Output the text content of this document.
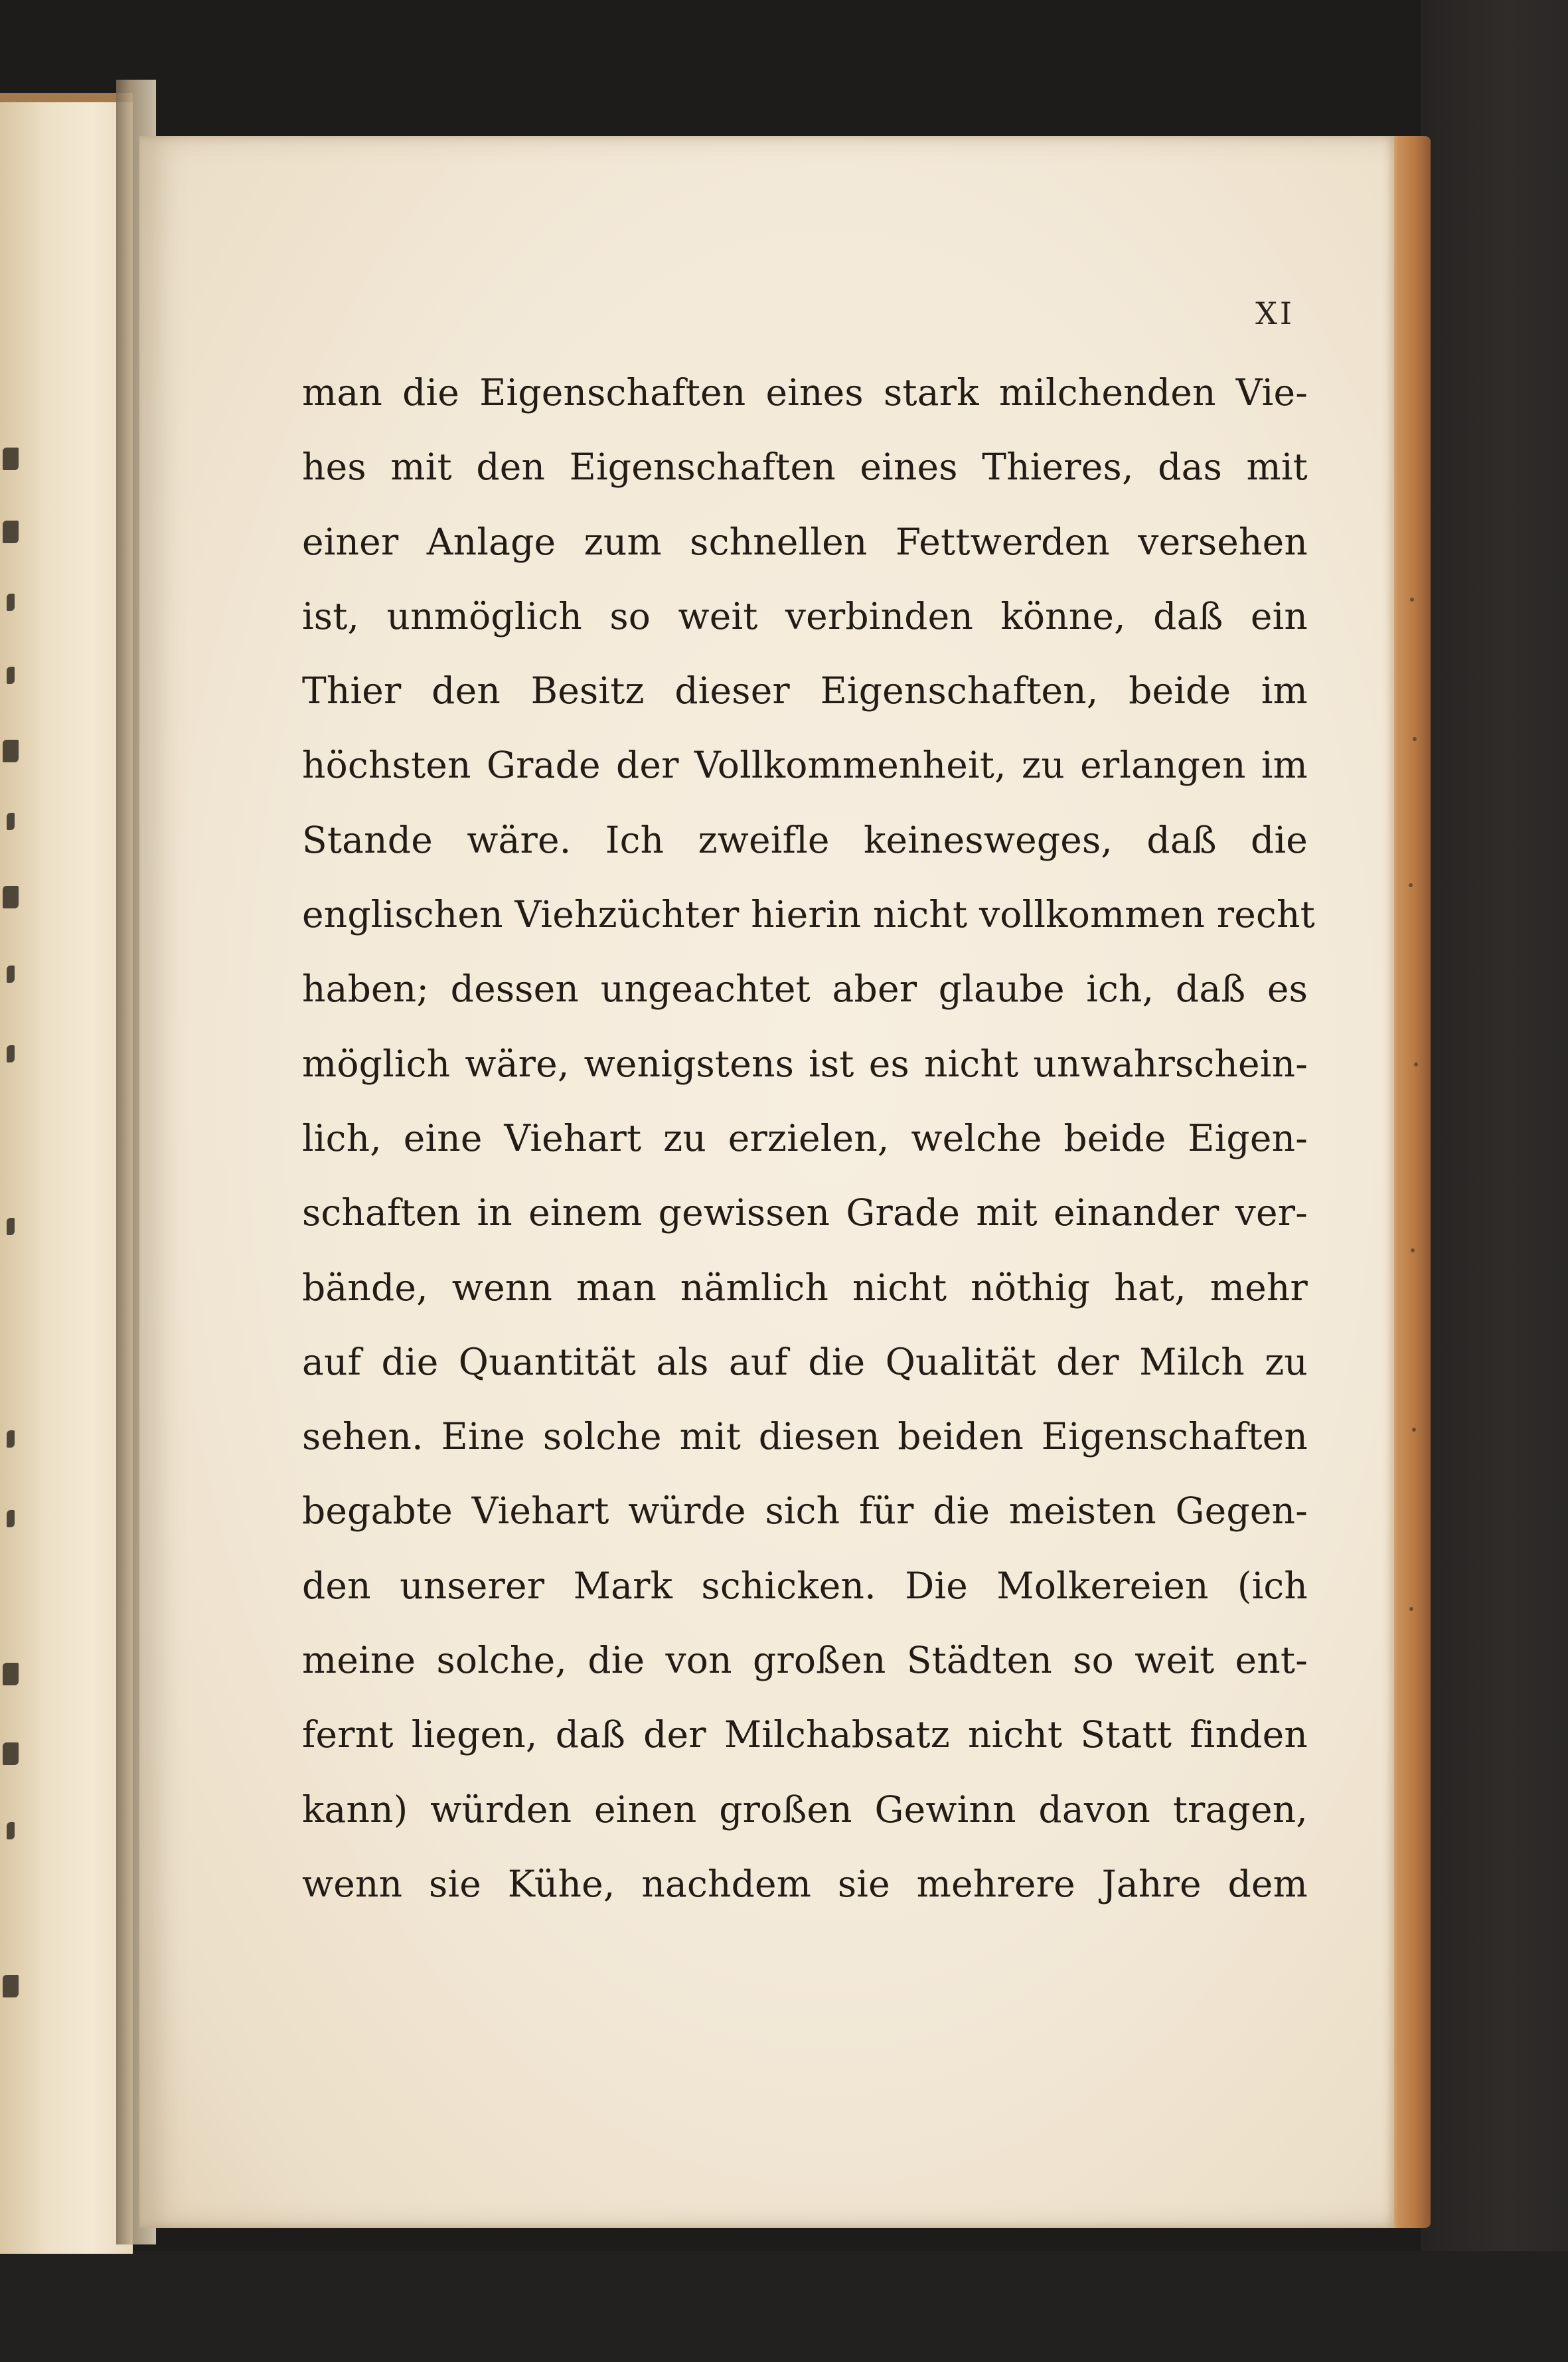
XI
man die Eigenschaften eines stark milchenden Vie-
hes mit den Eigenschaften eines Thieres, das mit
einer Anlage zum schnellen Fettwerden versehen
ist, unmöglich so weit verbinden könne, daß ein
Thier den Besitz dieser Eigenschaften, beide im
höchsten Grade der Vollkommenheit, zu erlangen im
Stande wäre. Ich zweifle keinesweges, daß die
englischen Viehzüchter hierin nicht vollkommen recht
haben; dessen ungeachtet aber glaube ich, daß es
möglich wäre, wenigstens ist es nicht unwahrschein-
lich, eine Viehart zu erzielen, welche beide Eigen-
schaften in einem gewissen Grade mit einander ver-
bände, wenn man nämlich nicht nöthig hat, mehr
auf die Quantität als auf die Qualität der Milch zu
sehen. Eine solche mit diesen beiden Eigenschaften
begabte Viehart würde sich für die meisten Gegen-
den unserer Mark schicken. Die Molkereien (ich
meine solche, die von großen Städten so weit ent-
fernt liegen, daß der Milchabsatz nicht Statt finden
kann) würden einen großen Gewinn davon tragen,
wenn sie Kühe, nachdem sie mehrere Jahre dem
